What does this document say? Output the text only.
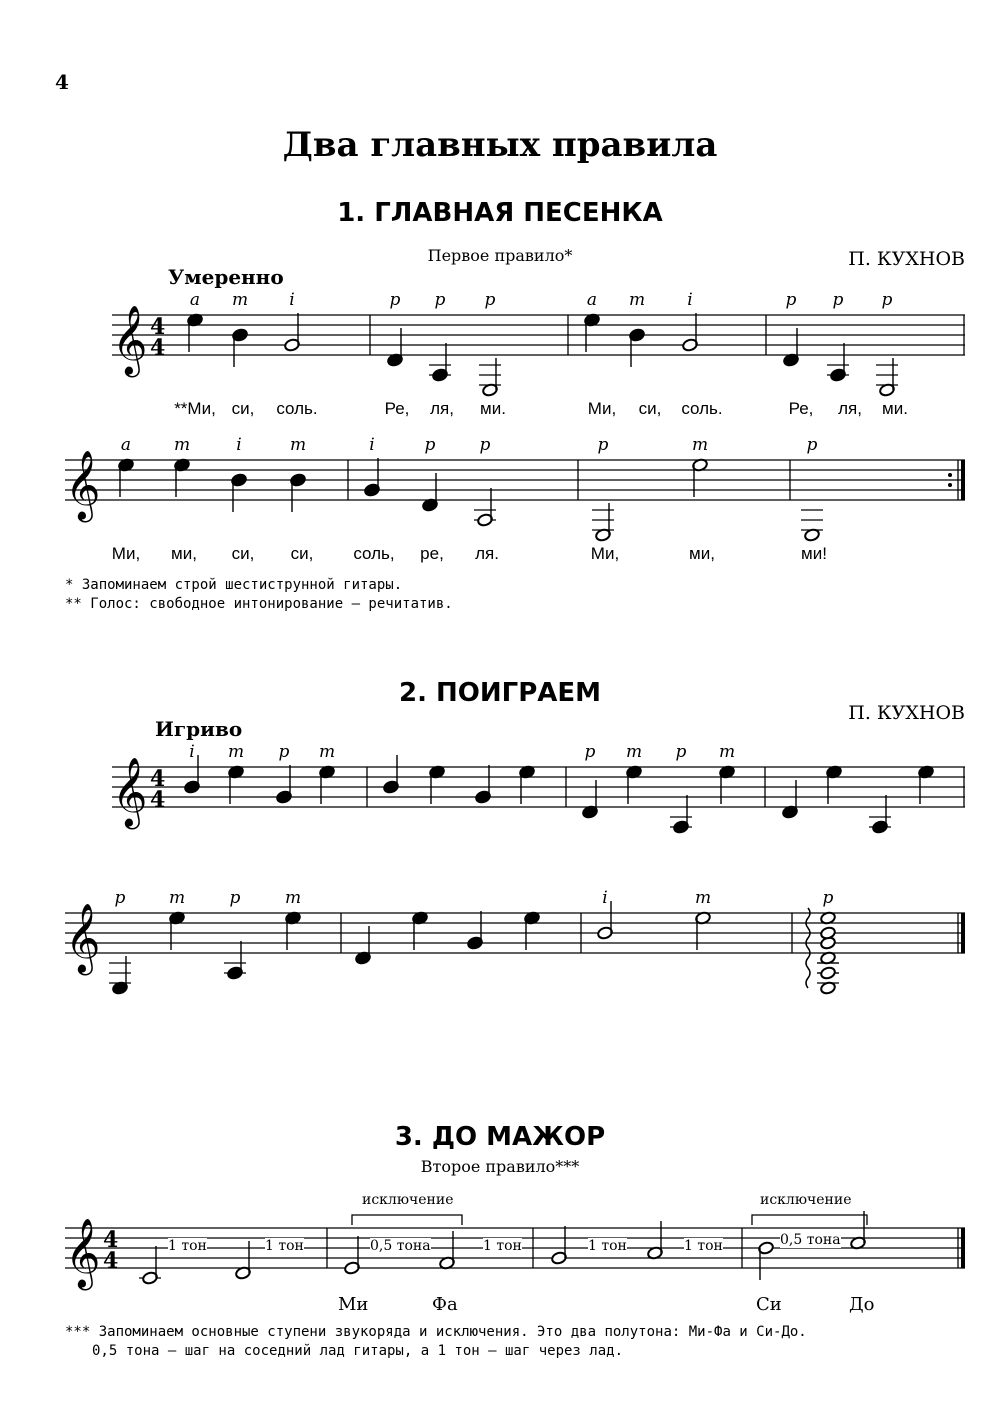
4
Два главных правила
1. ГЛАВНАЯ ПЕСЕНКА
Первое правило*	П. КУХНОВ
Умеренно
𝄞 4
4
a m i	p p p	a m i	p p p
**Ми, си, соль.	Ре, ля, ми.	Ми, си, соль.	Ре, ля, ми.
𝄞
a	m	i	m	i	p	p	p	m	p
Ми, ми, си, си, соль, ре, ля.	Ми,	ми,	ми!
* Запоминаем строй шестиструнной гитары.
** Голос: свободное интонирование — речитатив.
2. ПОИГРАЕМ
П. КУХНОВ
Игриво
𝄞 4
4
i m p m	p m p m
𝄞
p	m	p	m	i	m	p
3. ДО МАЖОР
Второе правило***
𝄞 4
4
исключение	исключение
1 тон	1 тон	0,5 тона	1 тон	1 тон	1 тон	0,5 тона
Ми	Фа	Си	До
*** Запоминаем основные ступени звукоряда и исключения. Это два полутона: Ми-Фа и Си-До.
0,5 тона — шаг на соседний лад гитары, а 1 тон — шаг через лад.
